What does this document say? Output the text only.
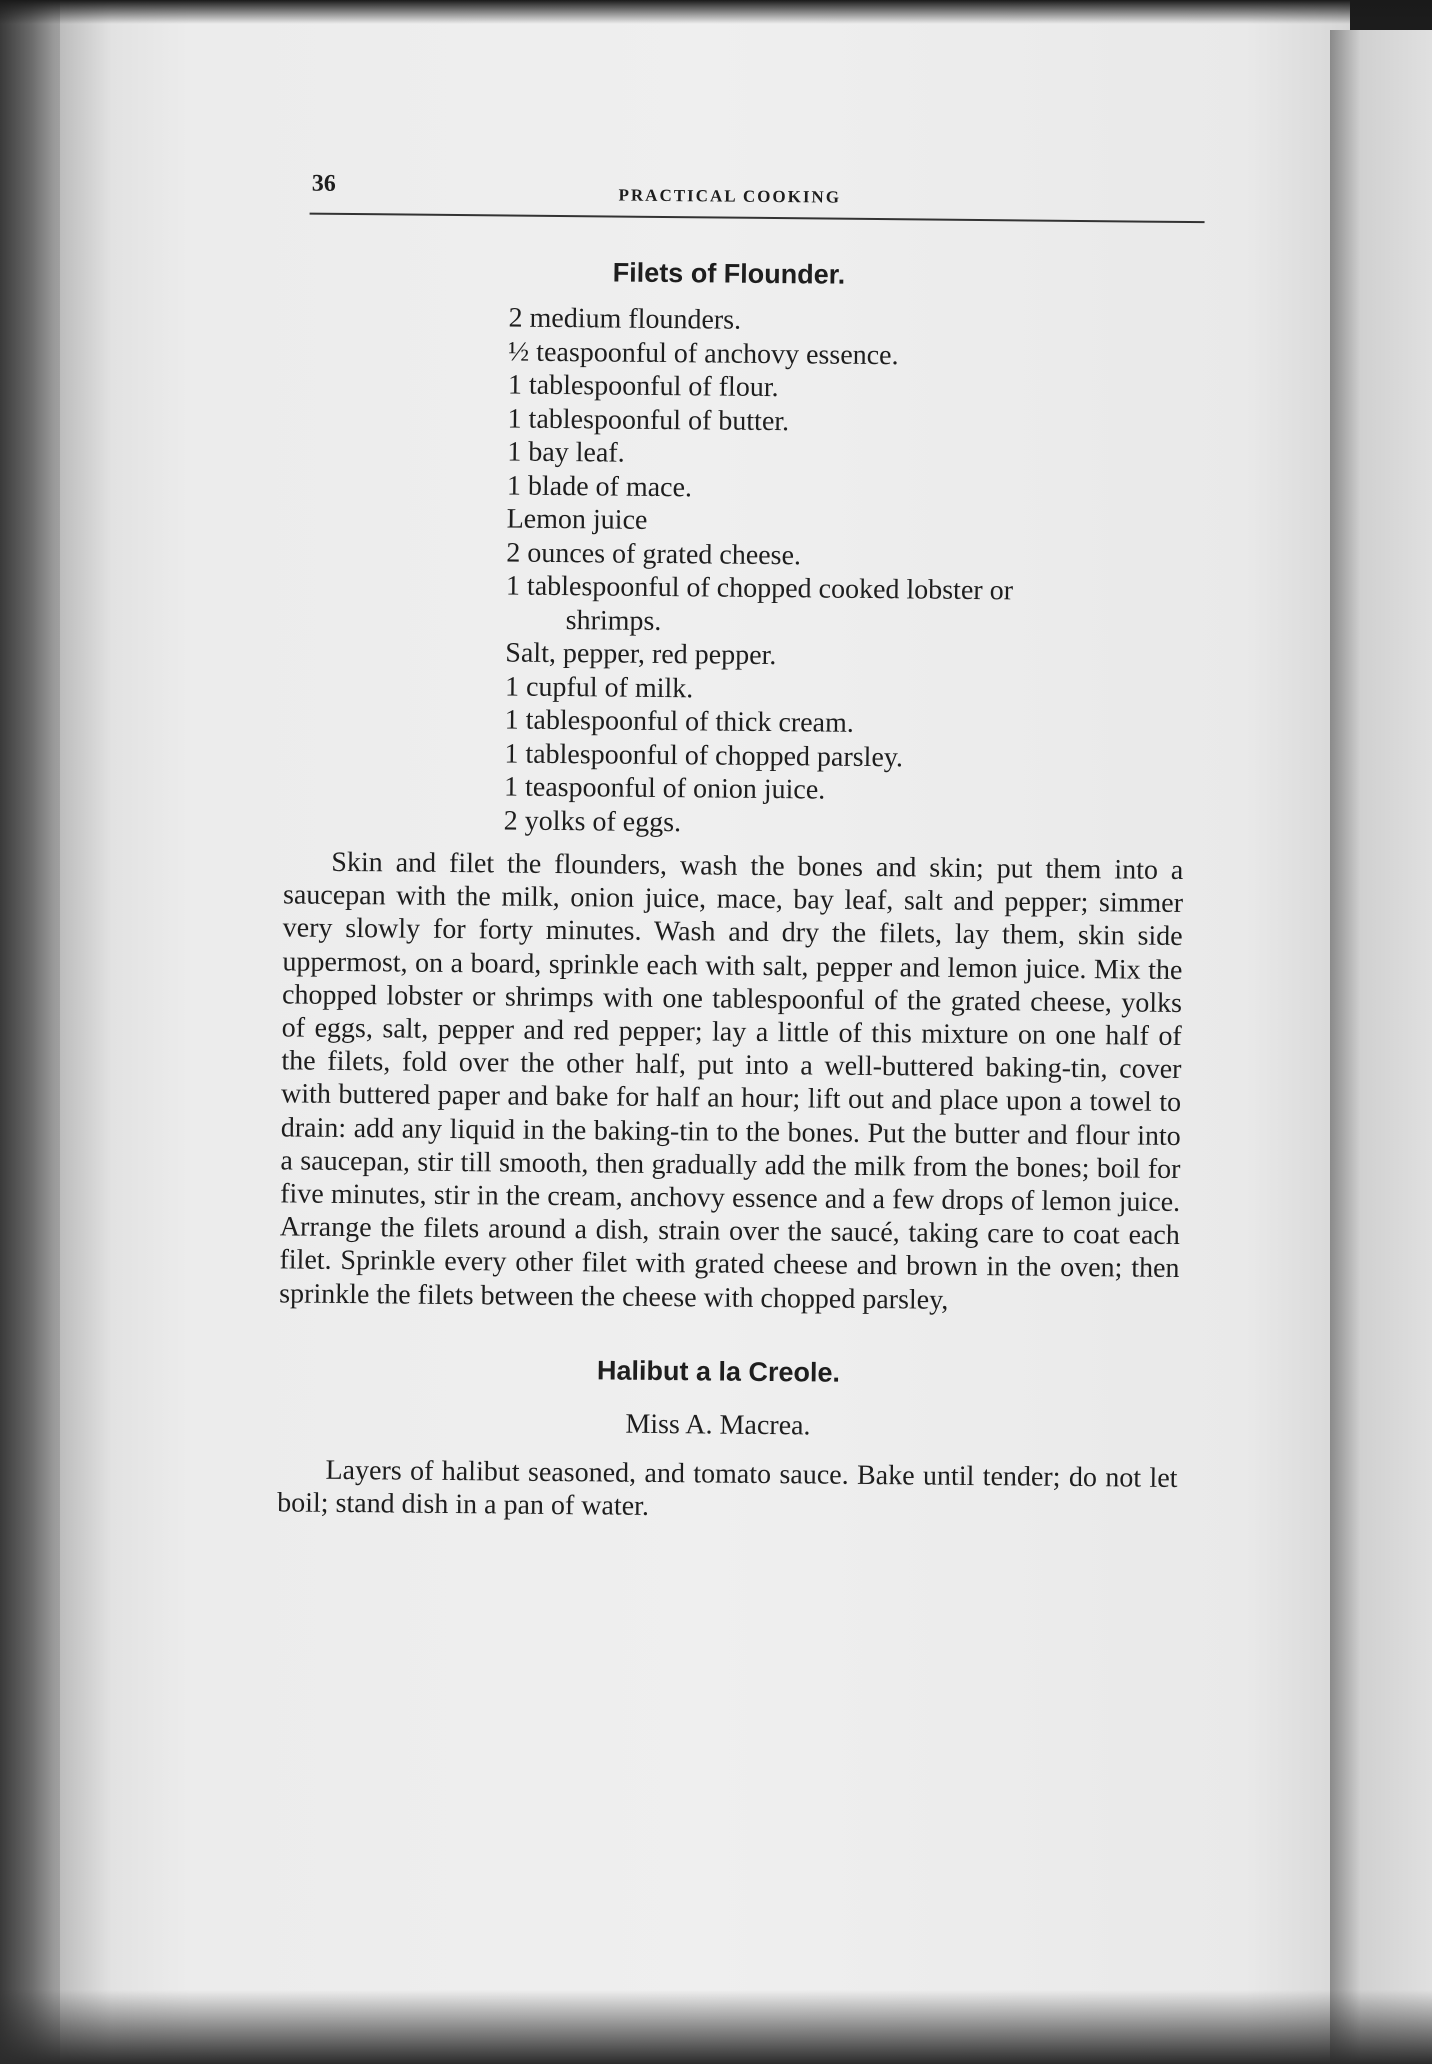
36	PRACTICAL COOKING
Filets of Flounder.
2 medium flounders.
½ teaspoonful of anchovy essence.
1 tablespoonful of flour.
1 tablespoonful of butter.
1 bay leaf.
1 blade of mace.
Lemon juice
2 ounces of grated cheese.
1 tablespoonful of chopped cooked lobster or
shrimps.
Salt, pepper, red pepper.
1 cupful of milk.
1 tablespoonful of thick cream.
1 tablespoonful of chopped parsley.
1 teaspoonful of onion juice.
2 yolks of eggs.

Skin and filet the flounders, wash the bones and skin; put them into a saucepan with the milk, onion juice, mace, bay leaf, salt and pepper; simmer very slowly for forty minutes. Wash and dry the filets, lay them, skin side uppermost, on a board, sprinkle each with salt, pepper and lemon juice. Mix the chopped lobster or shrimps with one tablespoonful of the grated cheese, yolks of eggs, salt, pepper and red pepper; lay a little of this mixture on one half of the filets, fold over the other half, put into a well-buttered baking-tin, cover with buttered paper and bake for half an hour; lift out and place upon a towel to drain: add any liquid in the baking-tin to the bones. Put the butter and flour into a saucepan, stir till smooth, then gradually add the milk from the bones; boil for five minutes, stir in the cream, anchovy essence and a few drops of lemon juice. Arrange the filets around a dish, strain over the saucé, taking care to coat each filet. Sprinkle every other filet with grated cheese and brown in the oven; then sprinkle the filets between the cheese with chopped parsley,

Halibut a la Creole.
Miss A. Macrea.

Layers of halibut seasoned, and tomato sauce. Bake until tender; do not let boil; stand dish in a pan of water.
